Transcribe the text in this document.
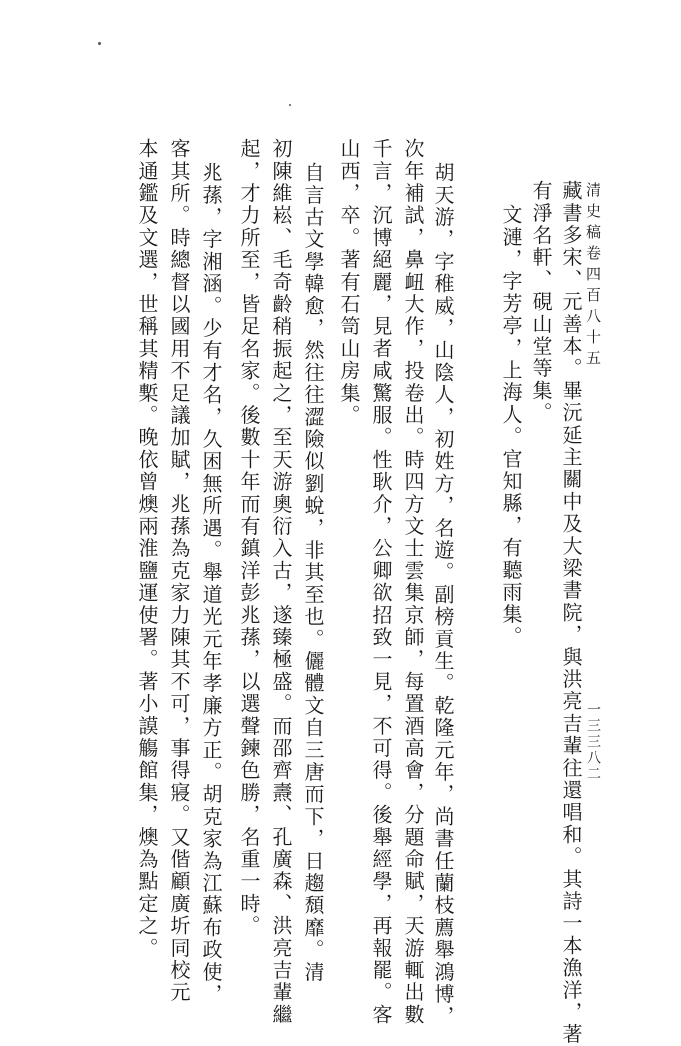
清史稿卷四百八十五
一三三八二
藏書多宋、元善本。畢沅延主關中及大梁書院，與洪亮吉輩往還唱和。其詩一本漁洋，著
有淨名軒、硯山堂等集。
文漣，字芳亭，上海人。官知縣，有聽雨集。
胡天游，字稚威，山陰人，初姓方，名遊。副榜貢生。乾隆元年，尚書任蘭枝薦舉鴻博，
次年補試，鼻衄大作，投卷出。時四方文士雲集京師，每置酒高會，分題命賦，天游輒出數
千言，沉博絕麗，見者咸驚服。性耿介，公卿欲招致一見，不可得。後舉經學，再報罷。客
山西，卒。著有石笥山房集。
自言古文學韓愈，然往往澀險似劉蛻，非其至也。儷體文自三唐而下，日趨頹靡。清
初陳維崧、毛奇齡稍振起之，至天游奧衍入古，遂臻極盛。而邵齊燾、孔廣森、洪亮吉輩繼
起，才力所至，皆足名家。後數十年而有鎮洋彭兆蓀，以選聲鍊色勝，名重一時。
兆蓀，字湘涵。少有才名，久困無所遇。舉道光元年孝廉方正。胡克家為江蘇布政使，
客其所。時總督以國用不足議加賦，兆蓀為克家力陳其不可，事得寢。又偕顧廣圻同校元
本通鑑及文選，世稱其精槧。晚依曾燠兩淮鹽運使署。著小謨觴館集，燠為點定之。
